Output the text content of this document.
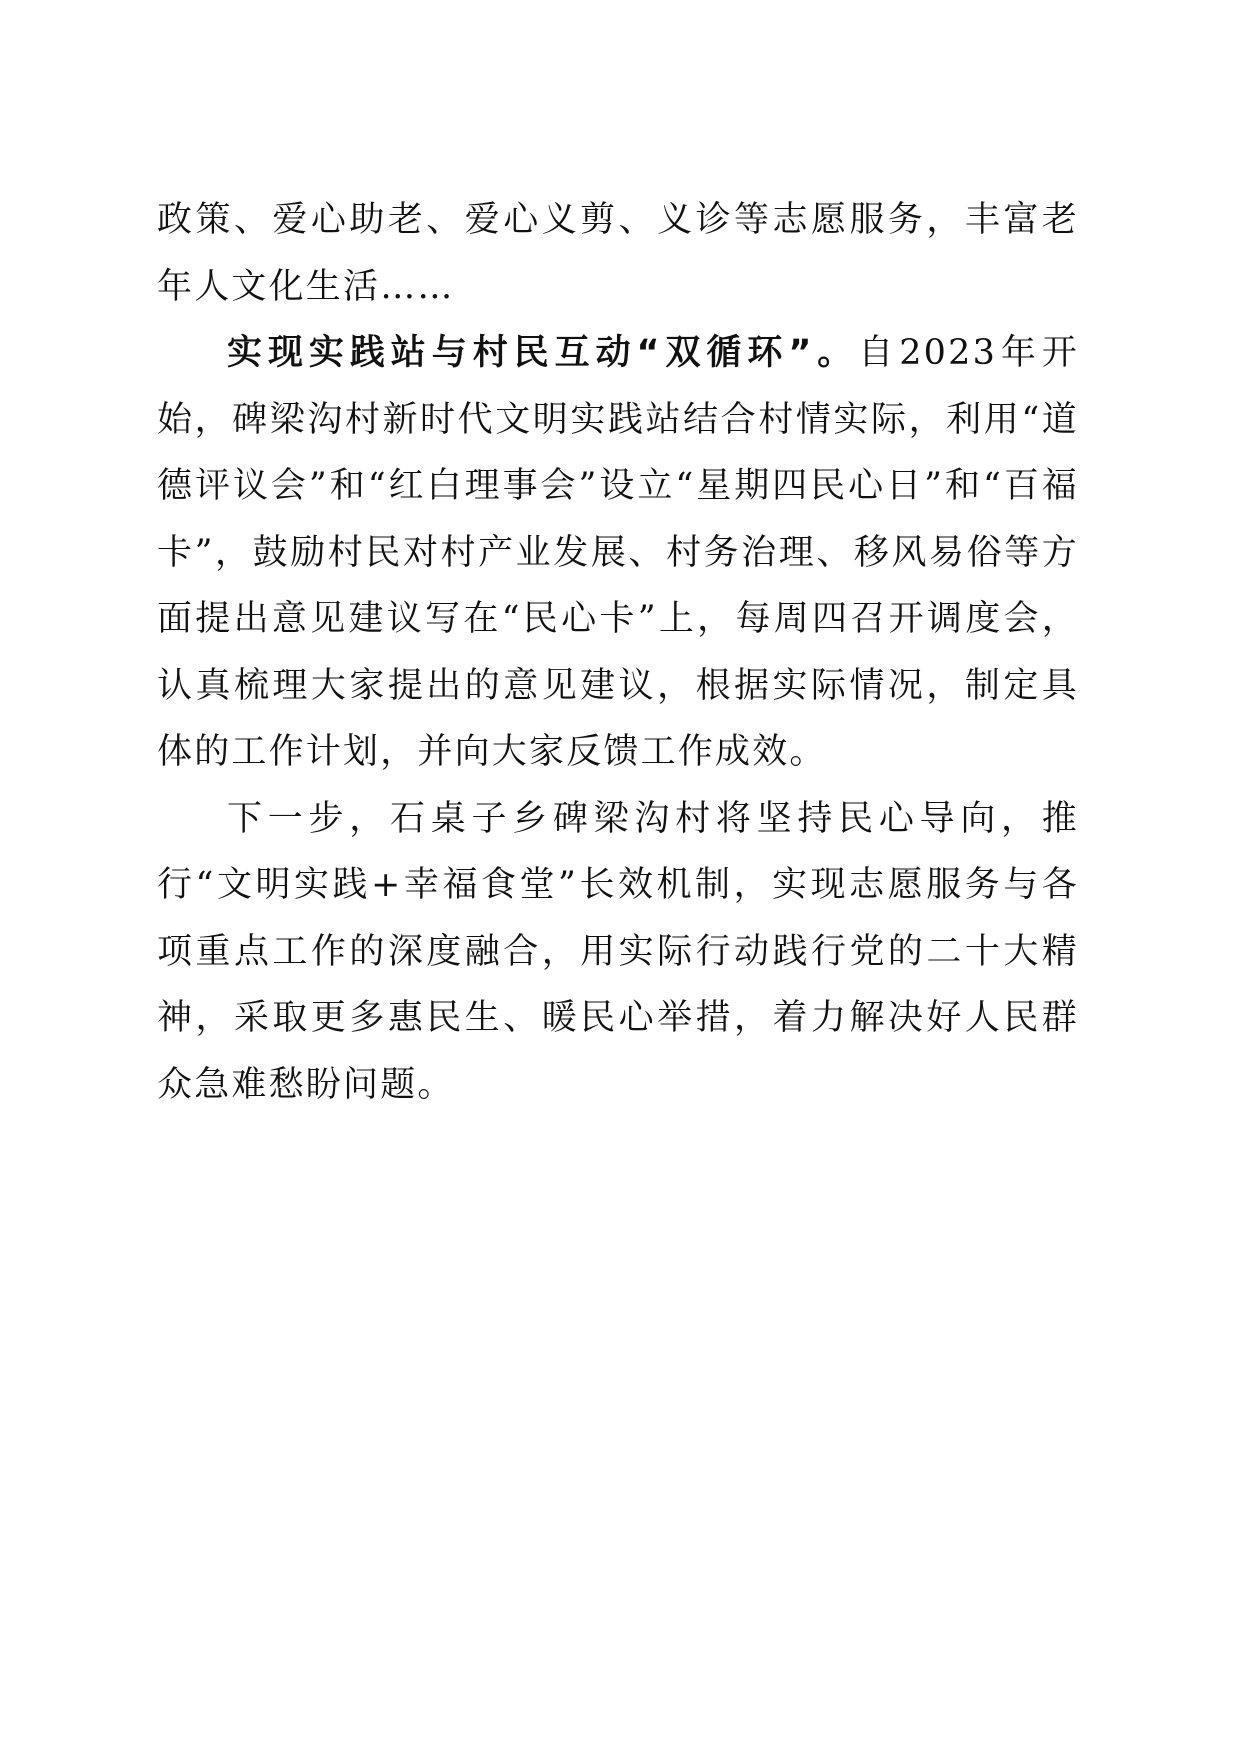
政策、爱心助老、爱心义剪、义诊等志愿服务，丰富老年人文化生活……

实现实践站与村民互动“双循环”。自2023年开始，碑梁沟村新时代文明实践站结合村情实际，利用“道德评议会”和“红白理事会”设立“星期四民心日”和“百福卡”，鼓励村民对村产业发展、村务治理、移风易俗等方面提出意见建议写在“民心卡”上，每周四召开调度会，认真梳理大家提出的意见建议，根据实际情况，制定具体的工作计划，并向大家反馈工作成效。

下一步，石桌子乡碑梁沟村将坚持民心导向，推行“文明实践+幸福食堂”长效机制，实现志愿服务与各项重点工作的深度融合，用实际行动践行党的二十大精神，采取更多惠民生、暖民心举措，着力解决好人民群众急难愁盼问题。
